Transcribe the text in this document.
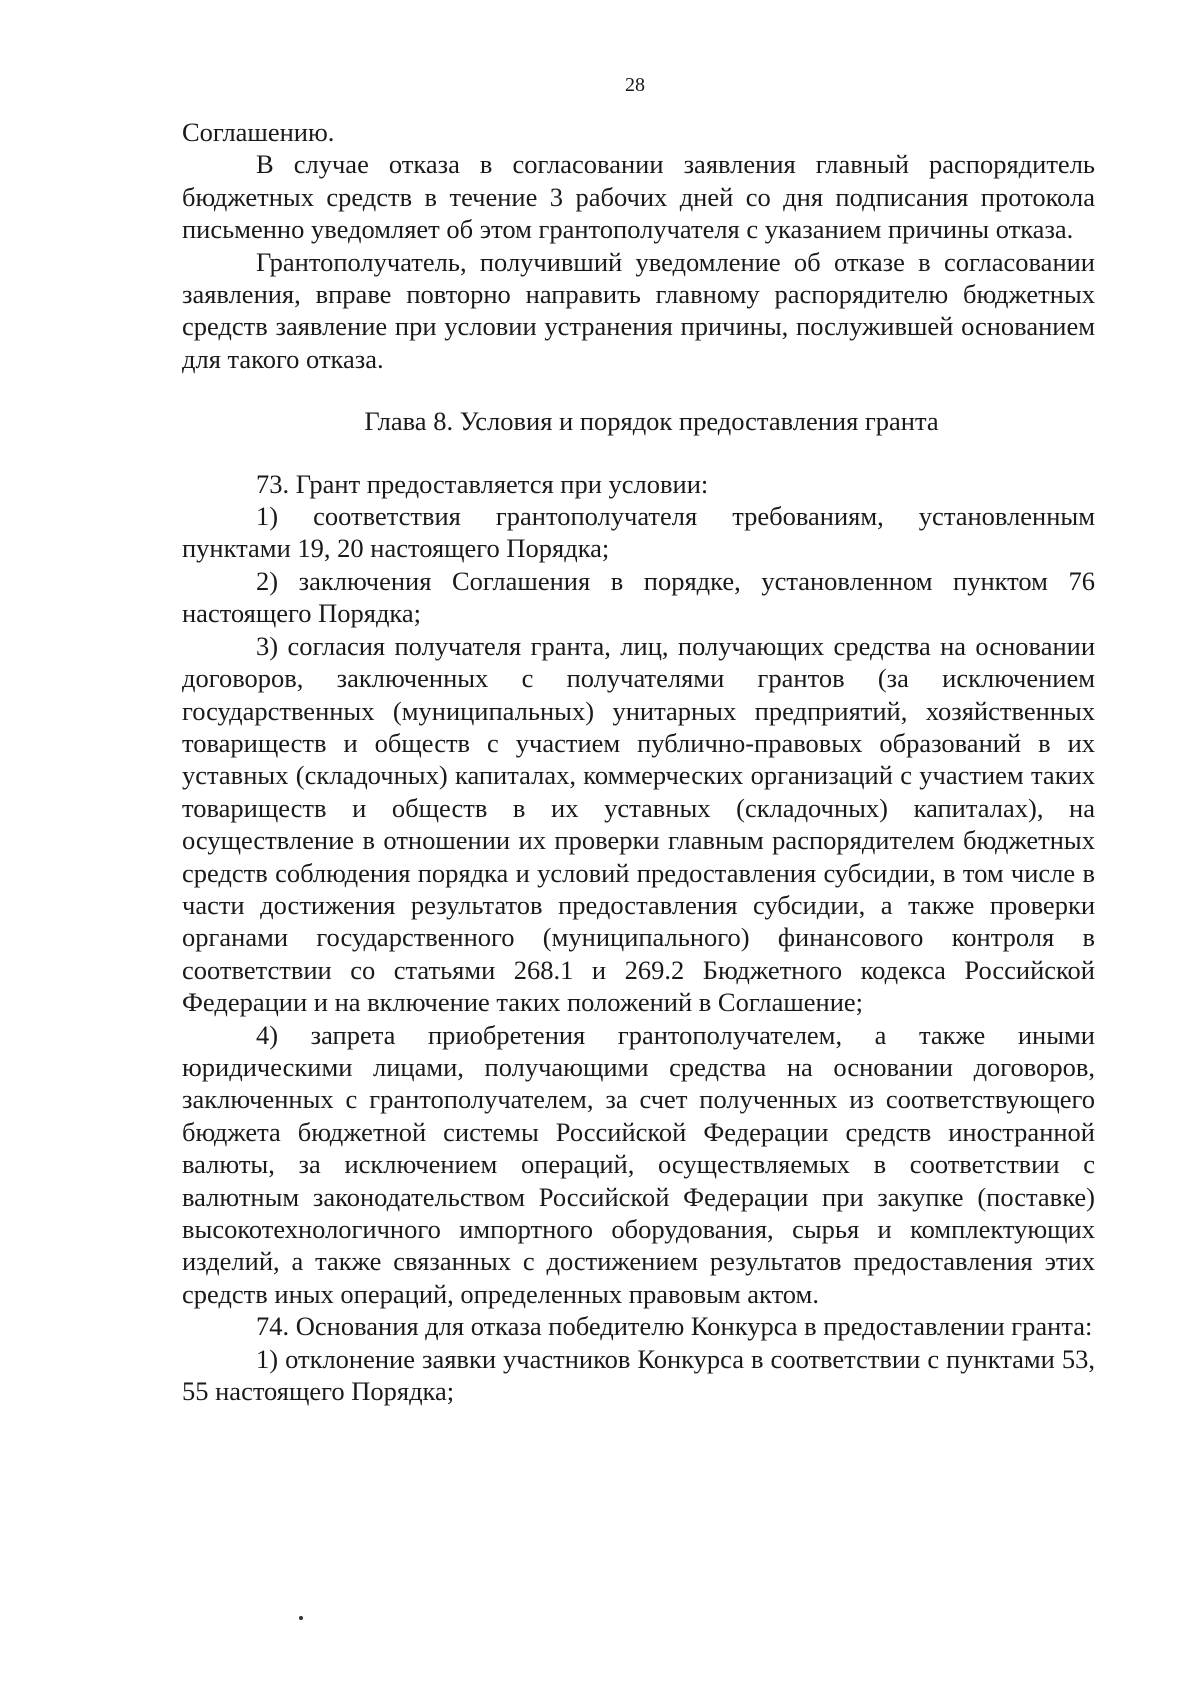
28

Соглашению.

В случае отказа в согласовании заявления главный распорядитель бюджетных средств в течение 3 рабочих дней со дня подписания протокола письменно уведомляет об этом грантополучателя с указанием причины отказа.

Грантополучатель, получивший уведомление об отказе в согласовании заявления, вправе повторно направить главному распорядителю бюджетных средств заявление при условии устранения причины, послужившей основанием для такого отказа.

Глава 8. Условия и порядок предоставления гранта

73. Грант предоставляется при условии:

1) соответствия грантополучателя требованиям, установленным пунктами 19, 20 настоящего Порядка;

2) заключения Соглашения в порядке, установленном пунктом 76 настоящего Порядка;

3) согласия получателя гранта, лиц, получающих средства на основании договоров, заключенных с получателями грантов (за исключением государственных (муниципальных) унитарных предприятий, хозяйственных товариществ и обществ с участием публично-правовых образований в их уставных (складочных) капиталах, коммерческих организаций с участием таких товариществ и обществ в их уставных (складочных) капиталах), на осуществление в отношении их проверки главным распорядителем бюджетных средств соблюдения порядка и условий предоставления субсидии, в том числе в части достижения результатов предоставления субсидии, а также проверки органами государственного (муниципального) финансового контроля в соответствии со статьями 268.1 и 269.2 Бюджетного кодекса Российской Федерации и на включение таких положений в Соглашение;

4) запрета приобретения грантополучателем, а также иными юридическими лицами, получающими средства на основании договоров, заключенных с грантополучателем, за счет полученных из соответствующего бюджета бюджетной системы Российской Федерации средств иностранной валюты, за исключением операций, осуществляемых в соответствии с валютным законодательством Российской Федерации при закупке (поставке) высокотехнологичного импортного оборудования, сырья и комплектующих изделий, а также связанных с достижением результатов предоставления этих средств иных операций, определенных правовым актом.

74. Основания для отказа победителю Конкурса в предоставлении гранта:

1) отклонение заявки участников Конкурса в соответствии с пунктами 53, 55 настоящего Порядка;
